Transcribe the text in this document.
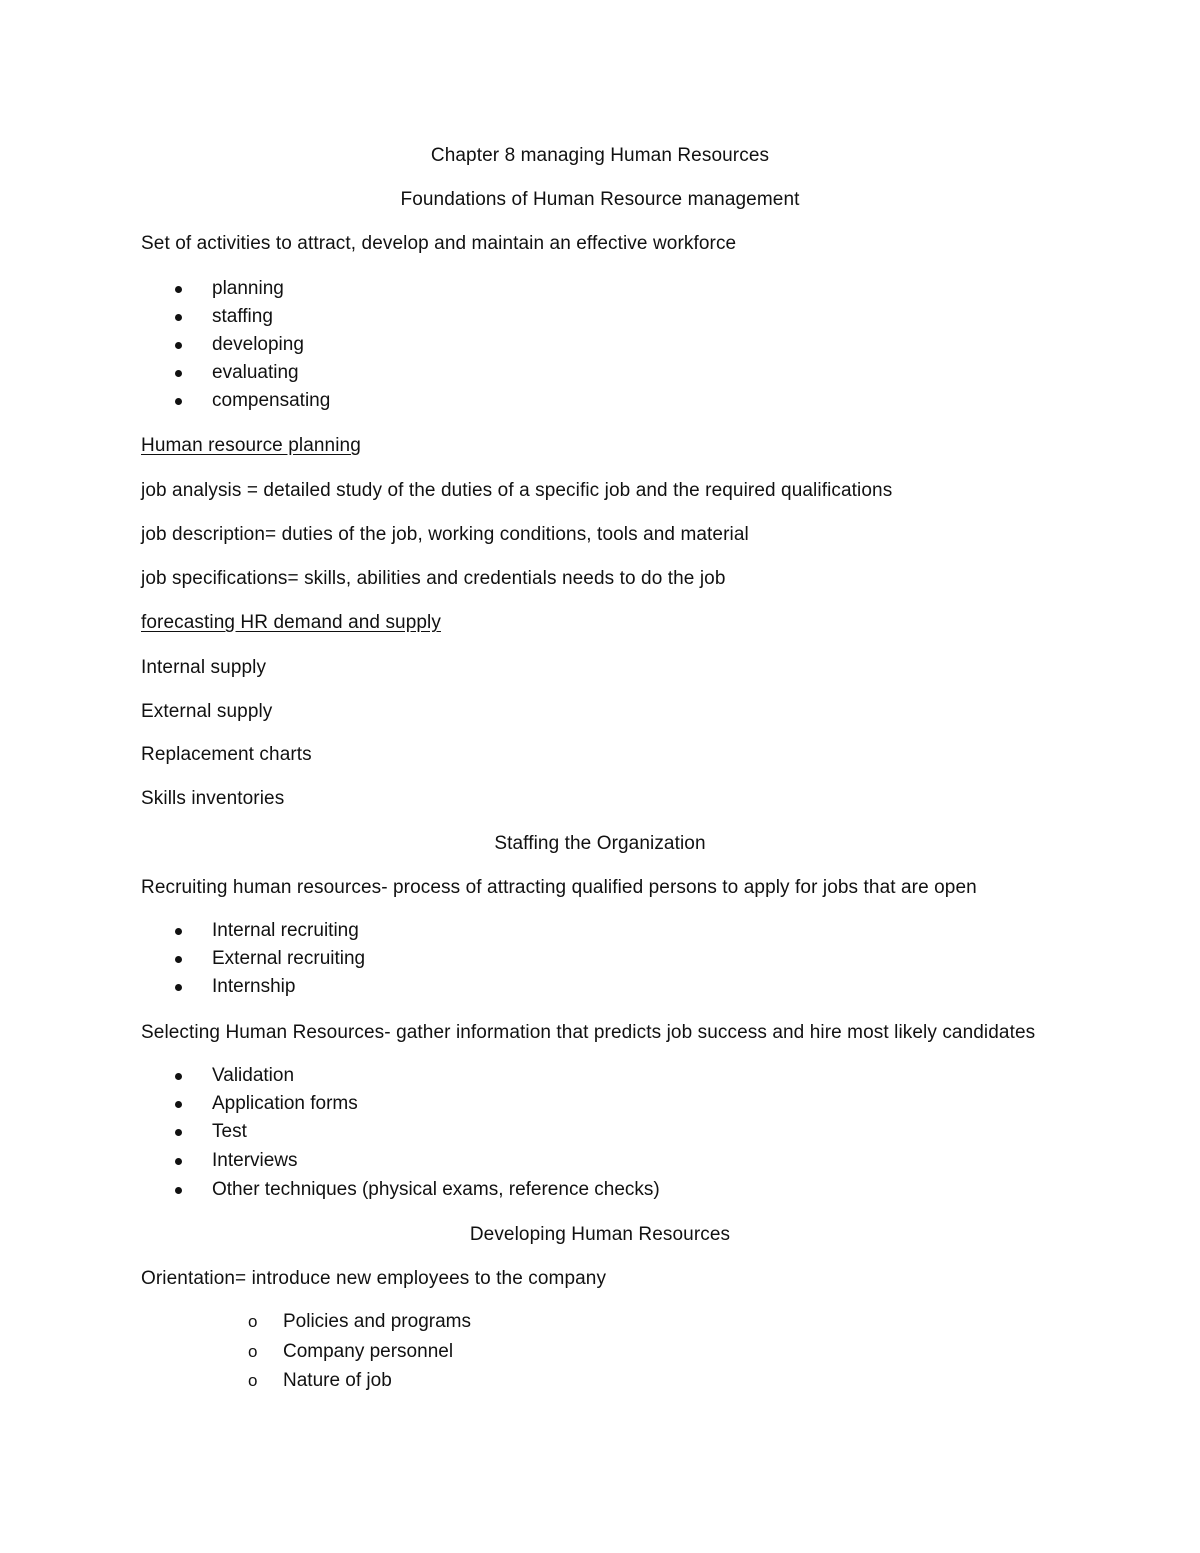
Chapter 8 managing Human Resources
Foundations of Human Resource management
Set of activities to attract, develop and maintain an effective workforce
planning
staffing
developing
evaluating
compensating
Human resource planning
job analysis = detailed study of the duties of a specific job and the required qualifications
job description= duties of the job, working conditions, tools and material
job specifications= skills, abilities and credentials needs to do the job
forecasting HR demand and supply
Internal supply
External supply
Replacement charts
Skills inventories
Staffing the Organization
Recruiting human resources- process of attracting qualified persons to apply for jobs that are open
Internal recruiting
External recruiting
Internship
Selecting Human Resources- gather information that predicts job success and hire most likely candidates
Validation
Application forms
Test
Interviews
Other techniques (physical exams, reference checks)
Developing Human Resources
Orientation= introduce new employees to the company
o Policies and programs
o Company personnel
o Nature of job
